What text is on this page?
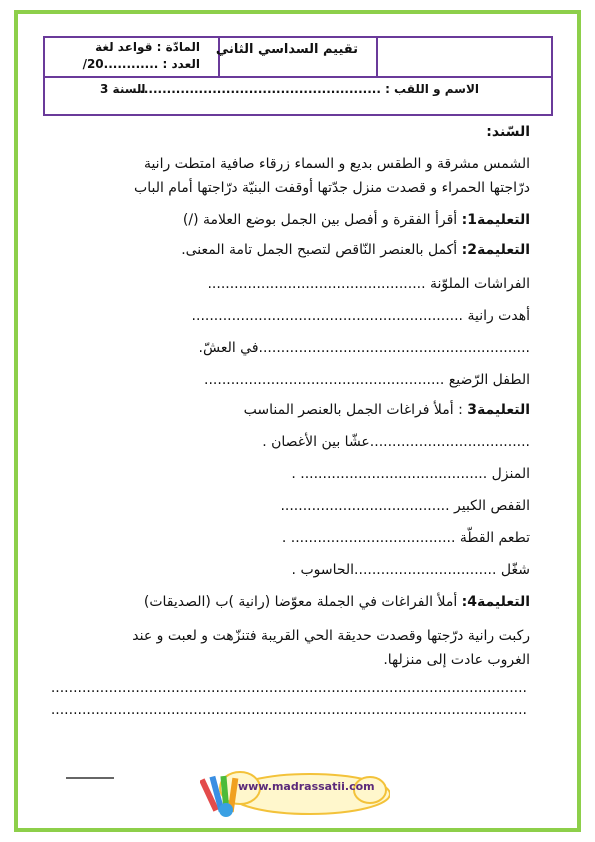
المادّة : قواعد لغة
العدد : ............20/
تقييم السداسي الثاني
الاسم و اللقب : .....................................................
السنة 3
السّند:
الشمس مشرقة و الطقس بديع و السماء زرقاء صافية امتطت رانية
درّاجتها الحمراء و قصدت منزل جدّتها أوقفت البنيّة درّاجتها أمام الباب
التعليمة1: أقرأ الفقرة و أفصل بين الجمل بوضع العلامة (/)
التعليمة2: أكمل بالعنصر النّاقص لتصبح الجمل تامة المعنى.
الفراشات الملوّنة .................................................
أهدت رانية .............................................................
.............................................................في العشّ.
الطفل الرّضيع ......................................................
التعليمة3 : أملأ فراغات الجمل بالعنصر المناسب
....................................عشّا بين الأغصان .
المنزل .......................................... .
القفص الكبير ......................................
تطعم القطّة ..................................... .
شغّل ................................الحاسوب .
التعليمة4: أملأ الفراغات في الجملة معوّضا (رانية )ب (الصديقات)
ركبت رانية درّجتها وقصدت حديقة الحي القريبة فتنزّهت و لعبت و عند
الغروب عادت إلى منزلها.
...........................................................................................................
...........................................................................................................
www.madrassatii.com
